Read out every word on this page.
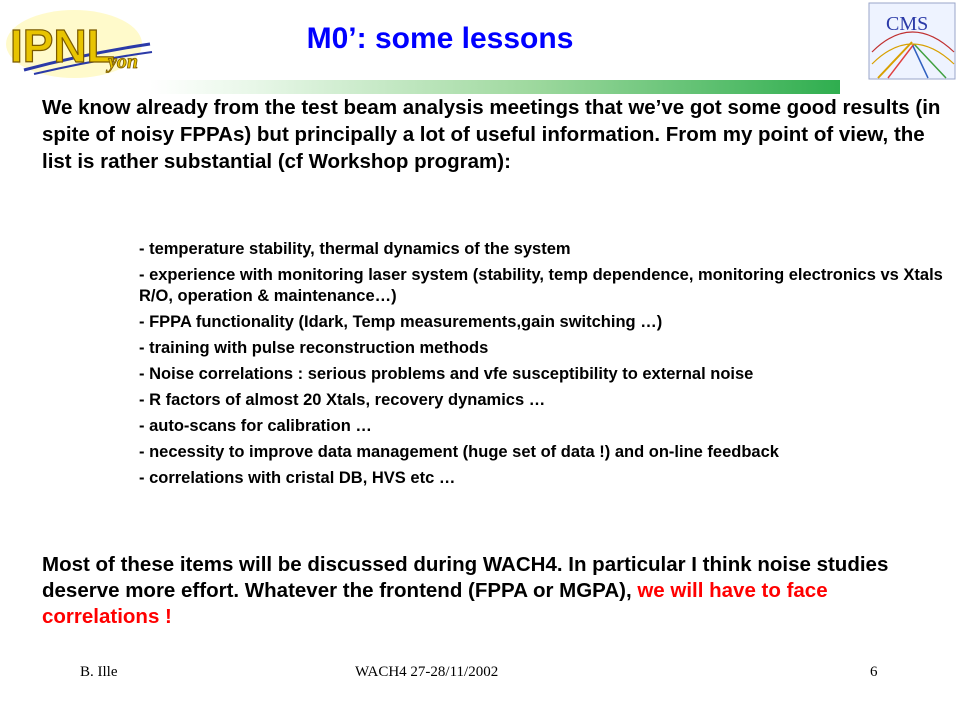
IPNL
yon
CMS
M0’: some lessons

We know already from the test beam analysis meetings that we’ve got some good results (in spite of noisy FPPAs) but principally a lot of useful information. From my point of view, the list is rather substantial (cf Workshop program):

- temperature stability, thermal dynamics of the system
- experience with monitoring laser system (stability, temp dependence, monitoring electronics vs Xtals R/O, operation & maintenance…)
- FPPA functionality (Idark, Temp measurements,gain switching …)
- training with pulse reconstruction methods
- Noise correlations : serious problems and vfe susceptibility to external noise
- R factors of almost 20 Xtals, recovery dynamics …
- auto-scans for calibration …
- necessity to improve data management (huge set of data !) and on-line feedback
- correlations with cristal DB, HVS etc …

Most of these items will be discussed during WACH4. In particular I think noise studies deserve more effort. Whatever the frontend (FPPA or MGPA), we will have to face correlations !

B. Ille	WACH4 27-28/11/2002	6
